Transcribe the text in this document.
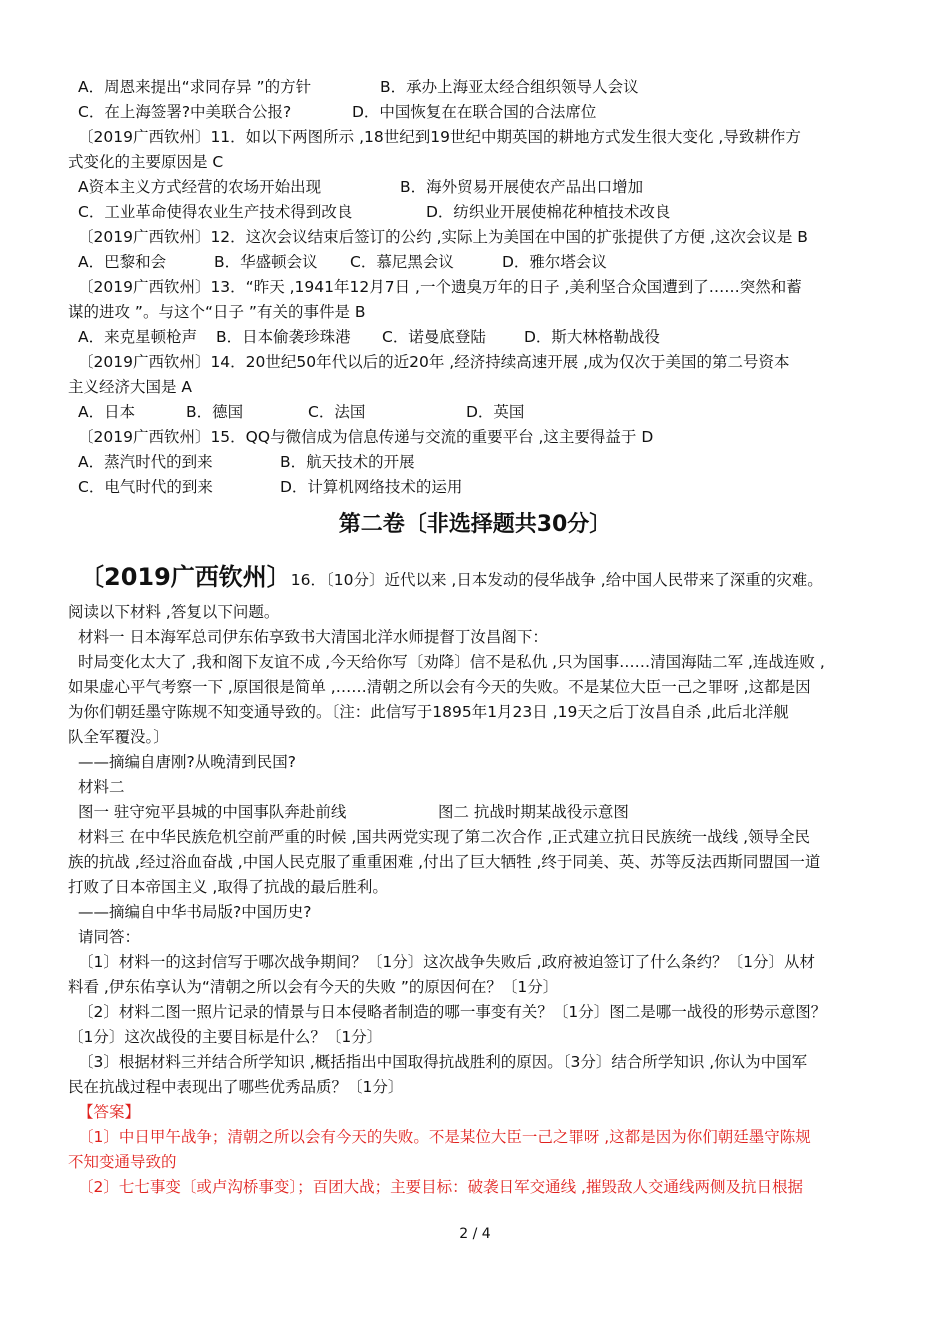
A．周恩来提出“求同存异 ”的方针	B．承办上海亚太经合组织领导人会议
C．在上海签署?中美联合公报?	D．中国恢复在在联合国的合法席位
〔2019广西钦州〕11．如以下两图所示 ,18世纪到19世纪中期英国的耕地方式发生很大变化 ,导致耕作方
式变化的主要原因是 C
A资本主义方式经营的农场开始出现	B．海外贸易开展使农产品出口增加
C．工业革命使得农业生产技术得到改良	D．纺织业开展使棉花种植技术改良
〔2019广西钦州〕12．这次会议结束后签订的公约 ,实际上为美国在中国的扩张提供了方便 ,这次会议是 B
A．巴黎和会	B．华盛顿会议 C．慕尼黑会议	D．雅尔塔会议
〔2019广西钦州〕13．“昨天 ,1941年12月7日 ,一个遗臭万年的日子 ,美利坚合众国遭到了……突然和蓄
谋的进攻 ”。与这个“日子 ”有关的事件是 B
A．来克星顿枪声 B．日本偷袭珍珠港 C．诺曼底登陆 D．斯大林格勒战役
〔2019广西钦州〕14．20世纪50年代以后的近20年 ,经济持续高速开展 ,成为仅次于美国的第二号资本
主义经济大国是 A
A．日本	B．德国	C．法国	D．英国
〔2019广西钦州〕15．QQ与微信成为信息传递与交流的重要平台 ,这主要得益于 D
A．蒸汽时代的到来	B．航天技术的开展
C．电气时代的到来	D．计算机网络技术的运用
第二卷〔非选择题共30分〕
〔2019广西钦州〕16．〔10分〕近代以来 ,日本发动的侵华战争 ,给中国人民带来了深重的灾难。
阅读以下材料 ,答复以下问题。
材料一 日本海军总司伊东佑享致书大清国北洋水师提督丁汝昌阁下：
时局变化太大了 ,我和阁下友谊不成 ,今天给你写〔劝降〕信不是私仇 ,只为国事……清国海陆二军 ,连战连败 ,
如果虚心平气考察一下 ,原国很是简单 ,……清朝之所以会有今天的失败。不是某位大臣一己之罪呀 ,这都是因
为你们朝廷墨守陈规不知变通导致的。〔注：此信写于1895年1月23日 ,19天之后丁汝昌自杀 ,此后北洋舰
队全军覆没。〕
——摘编自唐刚?从晚清到民国?
材料二
图一 驻守宛平县城的中国事队奔赴前线	图二 抗战时期某战役示意图
材料三 在中华民族危机空前严重的时候 ,国共两党实现了第二次合作 ,正式建立抗日民族统一战线 ,领导全民
族的抗战 ,经过浴血奋战 ,中国人民克服了重重困难 ,付出了巨大牺牲 ,终于同美、英、苏等反法西斯同盟国一道
打败了日本帝国主义 ,取得了抗战的最后胜利。
——摘编自中华书局版?中国历史?
请同答：
〔1〕材料一的这封信写于哪次战争期间？〔1分〕这次战争失败后 ,政府被迫签订了什么条约？〔1分〕从材
料看 ,伊东佑享认为“清朝之所以会有今天的失败 ”的原因何在？〔1分〕
〔2〕材料二图一照片记录的情景与日本侵略者制造的哪一事变有关？〔1分〕图二是哪一战役的形势示意图？
〔1分〕这次战役的主要目标是什么？〔1分〕
〔3〕根据材料三并结合所学知识 ,概括指出中国取得抗战胜利的原因。〔3分〕结合所学知识 ,你认为中国军
民在抗战过程中表现出了哪些优秀品质？〔1分〕
【答案】
〔1〕中日甲午战争；清朝之所以会有今天的失败。不是某位大臣一己之罪呀 ,这都是因为你们朝廷墨守陈规
不知变通导致的
〔2〕七七事变〔或卢沟桥事变〕；百团大战；主要目标：破袭日军交通线 ,摧毁敌人交通线两侧及抗日根据
2 / 4
